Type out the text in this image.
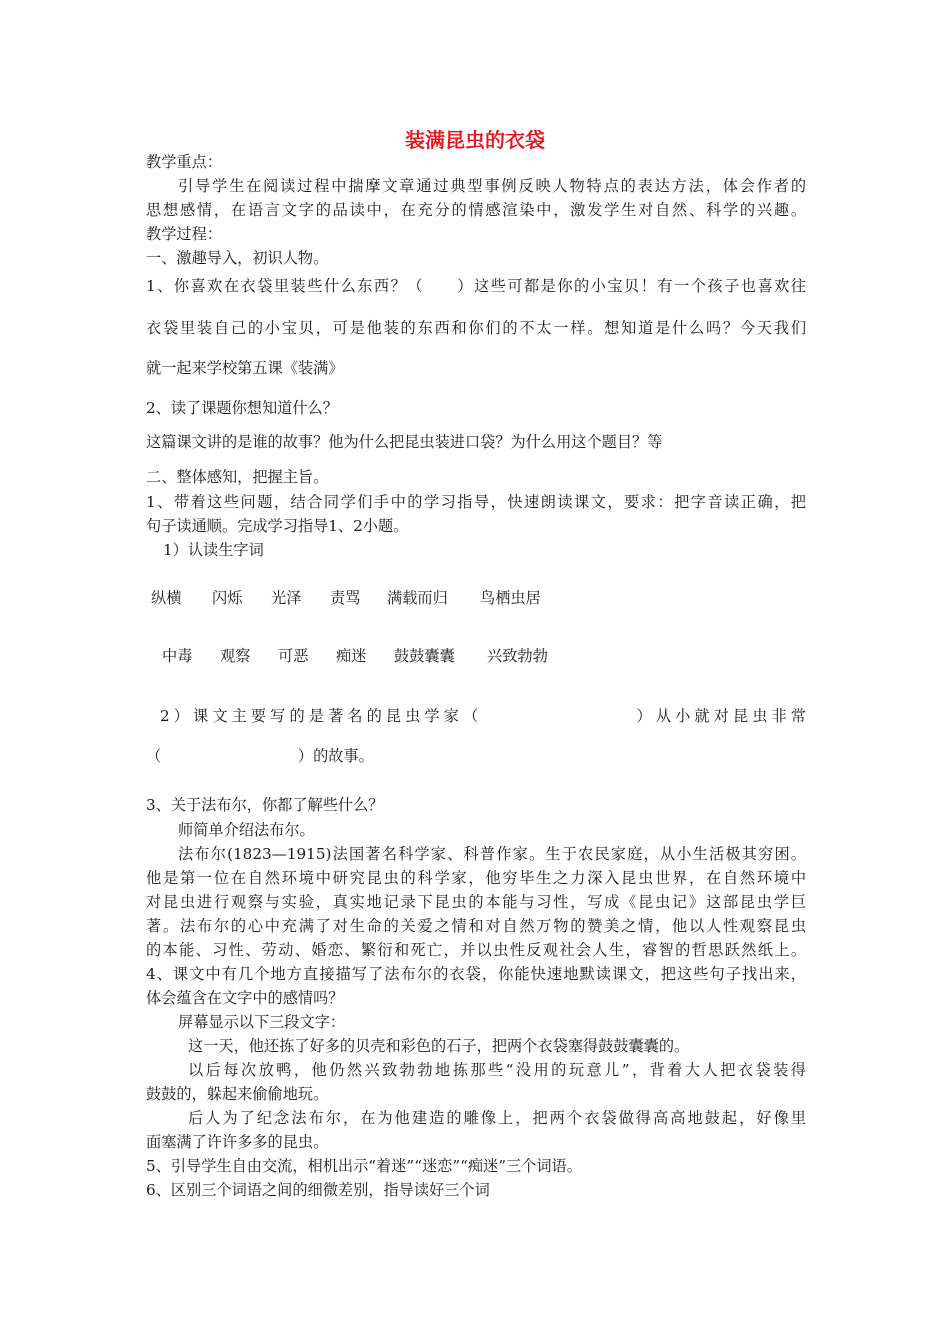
装满昆虫的衣袋
教学重点：
引导学生在阅读过程中揣摩文章通过典型事例反映人物特点的表达方法，体会作者的
思想感情，在语言文字的品读中，在充分的情感渲染中，激发学生对自然、科学的兴趣。
教学过程：
一、激趣导入，初识人物。
1、你喜欢在衣袋里装些什么东西？（　　）这些可都是你的小宝贝！有一个孩子也喜欢往
衣袋里装自己的小宝贝，可是他装的东西和你们的不太一样。想知道是什么吗？今天我们
就一起来学校第五课《装满》
2、读了课题你想知道什么？
这篇课文讲的是谁的故事？他为什么把昆虫装进口袋？为什么用这个题目？等
二、整体感知，把握主旨。
1、带着这些问题，结合同学们手中的学习指导，快速朗读课文，要求：把字音读正确，把
句子读通顺。完成学习指导1、2小题。
1）认读生字词
纵横 闪烁 光泽 责骂 满载而归 鸟栖虫居
中毒 观察 可恶 痴迷 鼓鼓囊囊 兴致勃勃
2）课文主要写的是著名的昆虫学家（　　　　　　　　）从小就对昆虫非常
（　　　　　　　　　）的故事。
3、关于法布尔，你都了解些什么？
师简单介绍法布尔。
法布尔(1823—1915)法国著名科学家、科普作家。生于农民家庭，从小生活极其穷困。
他是第一位在自然环境中研究昆虫的科学家，他穷毕生之力深入昆虫世界，在自然环境中
对昆虫进行观察与实验，真实地记录下昆虫的本能与习性，写成《昆虫记》这部昆虫学巨
著。法布尔的心中充满了对生命的关爱之情和对自然万物的赞美之情，他以人性观察昆虫
的本能、习性、劳动、婚恋、繁衍和死亡，并以虫性反观社会人生，睿智的哲思跃然纸上。
4、课文中有几个地方直接描写了法布尔的衣袋，你能快速地默读课文，把这些句子找出来，
体会蕴含在文字中的感情吗？
屏幕显示以下三段文字：
这一天，他还拣了好多的贝壳和彩色的石子，把两个衣袋塞得鼓鼓囊囊的。
以后每次放鸭，他仍然兴致勃勃地拣那些“没用的玩意儿”，背着大人把衣袋装得
鼓鼓的，躲起来偷偷地玩。
后人为了纪念法布尔，在为他建造的雕像上，把两个衣袋做得高高地鼓起，好像里
面塞满了许许多多的昆虫。
5、引导学生自由交流，相机出示“着迷”“迷恋”“痴迷”三个词语。
6、区别三个词语之间的细微差别，指导读好三个词
